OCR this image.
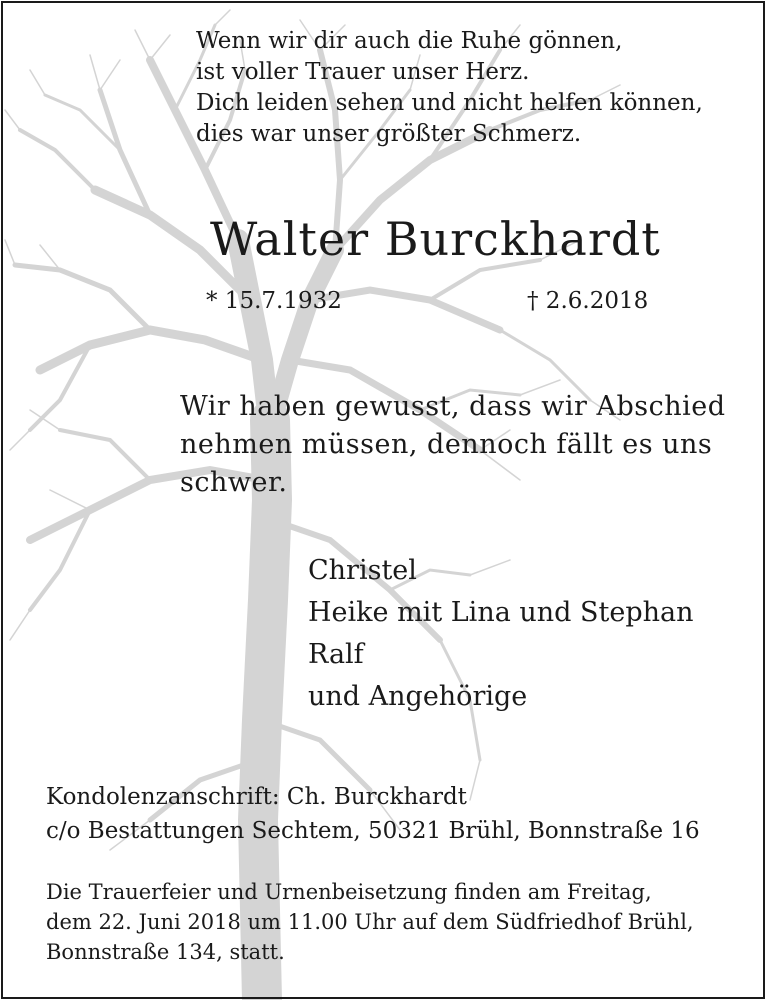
Wenn wir dir auch die Ruhe gönnen,
ist voller Trauer unser Herz.
Dich leiden sehen und nicht helfen können,
dies war unser größter Schmerz.
Walter Burckhardt
* 15.7.1932	† 2.6.2018
Wir haben gewusst, dass wir Abschied
nehmen müssen, dennoch fällt es uns
schwer.
Christel
Heike mit Lina und Stephan
Ralf
und Angehörige
Kondolenzanschrift: Ch. Burckhardt
c/o Bestattungen Sechtem, 50321 Brühl, Bonnstraße 16
Die Trauerfeier und Urnenbeisetzung finden am Freitag,
dem 22. Juni 2018 um 11.00 Uhr auf dem Südfriedhof Brühl,
Bonnstraße 134, statt.
